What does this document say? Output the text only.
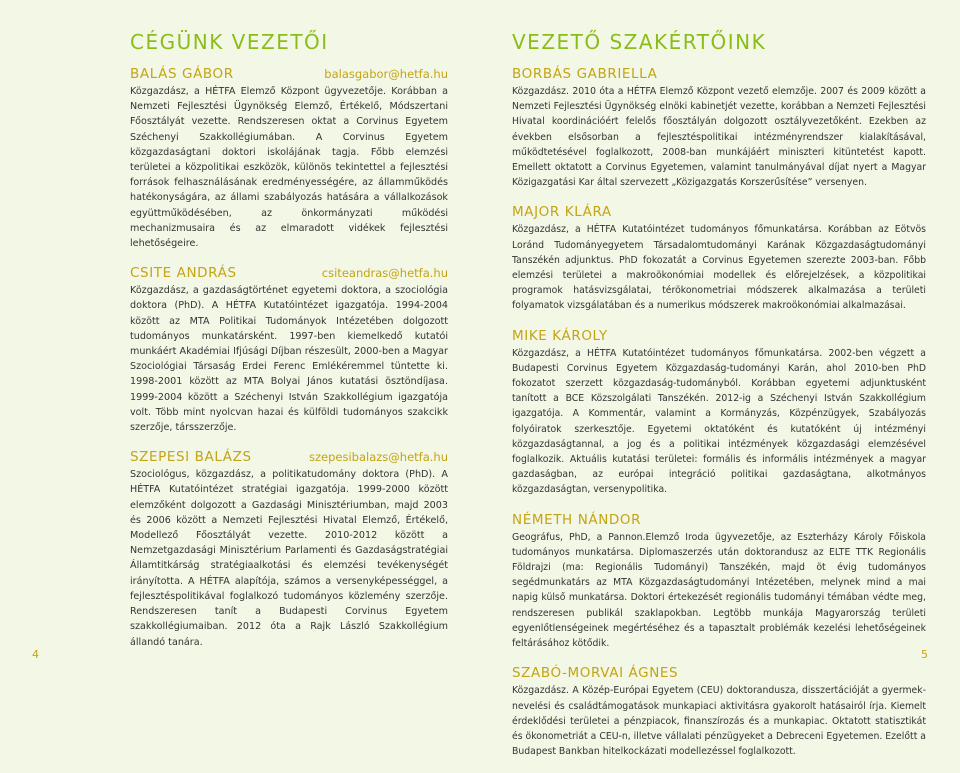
CÉGÜNK VEZETŐI
BALÁS GÁBOR	balasgabor@hetfa.hu

Közgazdász, a HÉTFA Elemző Központ ügyvezetője. Korábban a Nemzeti Fejlesztési Ügynökség Elemző, Értékelő, Módszertani Főosztályát vezette. Rendszeresen oktat a Corvinus Egyetem Széchenyi Szakkollégiumában. A Corvinus Egyetem közgazdaságtani doktori iskolájának tagja. Főbb elemzési területei a közpolitikai eszközök, különös tekintettel a fejlesztési források felhasználásának eredményességére, az államműködés hatékonyságára, az állami szabályozás hatására a vállalkozások együttműködésében, az önkormányzati működési mechanizmusaira és az elmaradott vidékek fejlesztési lehetőségeire.

CSITE ANDRÁS	csiteandras@hetfa.hu

Közgazdász, a gazdaságtörténet egyetemi doktora, a szociológia doktora (PhD). A HÉTFA Kutatóintézet igazgatója. 1994-2004 között az MTA Politikai Tudományok Intézetében dolgozott tudományos munkatársként. 1997-ben kiemelkedő kutatói munkáért Akadémiai Ifjúsági Díjban részesült, 2000-ben a Magyar Szociológiai Társaság Erdei Ferenc Emlékéremmel tüntette ki. 1998-2001 között az MTA Bolyai János kutatási ösztöndíjasa. 1999-2004 között a Széchenyi István Szakkollégium igazgatója volt. Több mint nyolcvan hazai és külföldi tudományos szakcikk szerzője, társszerzője.

SZEPESI BALÁZS	szepesibalazs@hetfa.hu

Szociológus, közgazdász, a politikatudomány doktora (PhD). A HÉTFA Kutatóintézet stratégiai igazgatója. 1999-2000 között elemzőként dolgozott a Gazdasági Minisztériumban, majd 2003 és 2006 között a Nemzeti Fejlesztési Hivatal Elemző, Értékelő, Modellező Főosztályát vezette. 2010-2012 között a Nemzetgazdasági Minisztérium Parlamenti és Gazdaságstratégiai Államtitkárság stratégiaalkotási és elemzési tevékenységét irányította. A HÉTFA alapítója, számos a versenyképességgel, a fejlesztéspolitikával foglalkozó tudományos közlemény szerzője. Rendszeresen tanít a Budapesti Corvinus Egyetem szakkollégiumaiban. 2012 óta a Rajk László Szakkollégium állandó tanára.

4
VEZETŐ SZAKÉRTŐINK
BORBÁS GABRIELLA

Közgazdász. 2010 óta a HÉTFA Elemző Központ vezető elemzője. 2007 és 2009 között a Nemzeti Fejlesztési Ügynökség elnöki kabinetjét vezette, korábban a Nemzeti Fejlesztési Hivatal koordinációért felelős főosztályán dolgozott osztályvezetőként. Ezekben az években elsősorban a fejlesztéspolitikai intézményrendszer kialakításával, működtetésével foglalkozott, 2008-ban munkájáért miniszteri kitüntetést kapott. Emellett oktatott a Corvinus Egyetemen, valamint tanulmányával díjat nyert a Magyar Közigazgatási Kar által szervezett „Közigazgatás Korszerűsítése” versenyen.

MAJOR KLÁRA

Közgazdász, a HÉTFA Kutatóintézet tudományos főmunkatársa. Korábban az Eötvös Loránd Tudományegyetem Társadalomtudományi Karának Közgazdaságtudományi Tanszékén adjunktus. PhD fokozatát a Corvinus Egyetemen szerezte 2003-ban. Főbb elemzési területei a makroökonómiai modellek és előrejelzések, a közpolitikai programok hatásvizsgálatai, térökonometriai módszerek alkalmazása a területi folyamatok vizsgálatában és a numerikus módszerek makroökonómiai alkalmazásai.

MIKE KÁROLY

Közgazdász, a HÉTFA Kutatóintézet tudományos főmunkatársa. 2002-ben végzett a Budapesti Corvinus Egyetem Közgazdaság-tudományi Karán, ahol 2010-ben PhD fokozatot szerzett közgazdaság-tudományból. Korábban egyetemi adjunktusként tanított a BCE Közszolgálati Tanszékén. 2012-ig a Széchenyi István Szakkollégium igazgatója. A Kommentár, valamint a Kormányzás, Közpénzügyek, Szabályozás folyóiratok szerkesztője. Egyetemi oktatóként és kutatóként új intézményi közgazdaságtannal, a jog és a politikai intézmények közgazdasági elemzésével foglalkozik. Aktuális kutatási területei: formális és informális intézmények a magyar gazdaságban, az európai integráció politikai gazdaságtana, alkotmányos közgazdaságtan, versenypolitika.

NÉMETH NÁNDOR

Geográfus, PhD, a Pannon.Elemző Iroda ügyvezetője, az Eszterházy Károly Főiskola tudományos munkatársa. Diplomaszerzés után doktorandusz az ELTE TTK Regionális Földrajzi (ma: Regionális Tudományi) Tanszékén, majd öt évig tudományos segédmunkatárs az MTA Közgazdaságtudományi Intézetében, melynek mind a mai napig külső munkatársa. Doktori értekezését regionális tudományi témában védte meg, rendszeresen publikál szaklapokban. Legtöbb munkája Magyarország területi egyenlőtlenségeinek megértéséhez és a tapasztalt problémák kezelési lehetőségeinek feltárásához kötődik.

SZABÓ-MORVAI ÁGNES

Közgazdász. A Közép-Európai Egyetem (CEU) doktorandusza, disszertációját a gyermek-nevelési és családtámogatások munkapiaci aktivitásra gyakorolt hatásairól írja. Kiemelt érdeklődési területei a pénzpiacok, finanszírozás és a munkapiac. Oktatott statisztikát és ökonometriát a CEU-n, illetve vállalati pénzügyeket a Debreceni Egyetemen. Ezelőtt a Budapest Bankban hitelkockázati modellezéssel foglalkozott.

5
